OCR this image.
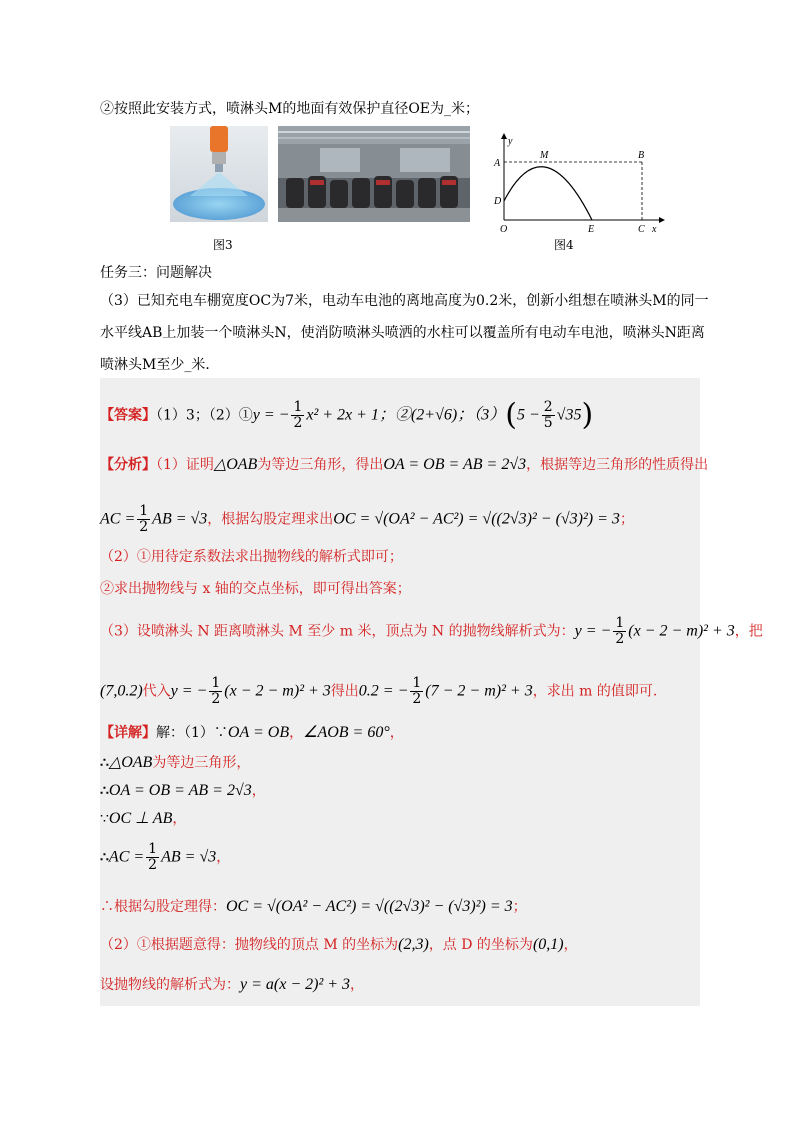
②按照此安装方式，喷淋头M的地面有效保护直径OE为_米；
y
x
A
M	B
D
O	E	C
图3	图4
任务三：问题解决
（3）已知充电车棚宽度OC为7米，电动车电池的离地高度为0.2米，创新小组想在喷淋头M的同一
水平线AB上加装一个喷淋头N，使消防喷淋头喷洒的水柱可以覆盖所有电动车电池，喷淋头N距离
喷淋头M至少_米．
【答案】（1）3；（2）①y = − $\frac{1}{2} x^2 + 2x + 1$；②(2+√6)；$(3)(5 - \frac{2}{5} √35)$
【分析】（1）证明△OAB为等边三角形，得出OA = OB = AB = 2√3，根据等边三角形的性质得出
AC = $\frac{1}{2}$ AB = √3，根据勾股定理求出OC = √(OA² − AC²) = √((2√3)² − (√3)²) = 3；
（2）①用待定系数法求出抛物线的解析式即可；
②求出抛物线与 x 轴的交点坐标，即可得出答案；
（3）设喷淋头 N 距离喷淋头 M 至少 m 米，顶点为 N 的抛物线解析式为：y = − $\frac{1}{2} (x - 2 - m)^2 + 3$，把
(7,0.2)代入y = − $\frac{1}{2} (x - 2 - m)^2 + 3$得出0.2 = − $\frac{1}{2} (7 - 2 - m)^2 + 3$，求出 m 的值即可.
【详解】解：（1）∵OA = OB，∠AOB = 60°，
∴△OAB为等边三角形，
∴OA = OB = AB = 2√3，
∵OC ⊥ AB，
∴AC = $\frac{1}{2}$ AB = √3，
∴根据勾股定理得：OC = √(OA² − AC²) = √((2√3)² − (√3)²) = 3；
（2）①根据题意得：抛物线的顶点 M 的坐标为(2,3)，点 D 的坐标为(0,1)，
设抛物线的解析式为：y = a(x − 2)² + 3，
